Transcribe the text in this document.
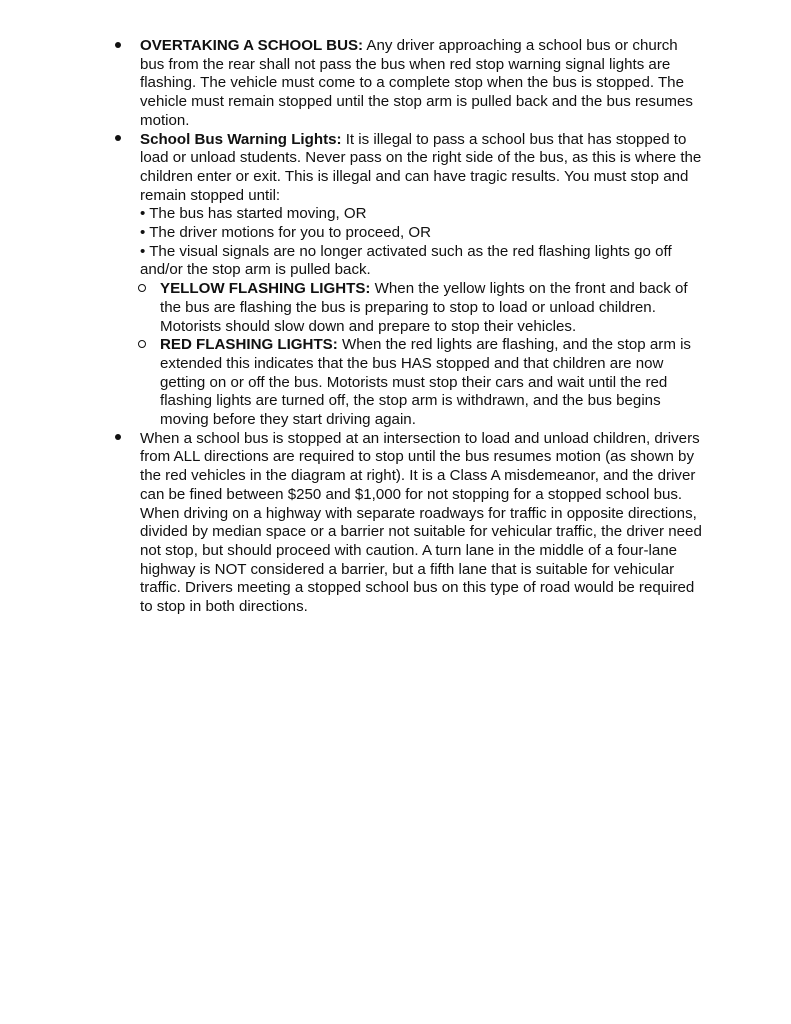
OVERTAKING A SCHOOL BUS: Any driver approaching a school bus or church bus from the rear shall not pass the bus when red stop warning signal lights are flashing. The vehicle must come to a complete stop when the bus is stopped. The vehicle must remain stopped until the stop arm is pulled back and the bus resumes motion.
School Bus Warning Lights: It is illegal to pass a school bus that has stopped to load or unload students. Never pass on the right side of the bus, as this is where the children enter or exit. This is illegal and can have tragic results. You must stop and remain stopped until:
• The bus has started moving, OR
• The driver motions for you to proceed, OR
• The visual signals are no longer activated such as the red flashing lights go off and/or the stop arm is pulled back.
YELLOW FLASHING LIGHTS: When the yellow lights on the front and back of the bus are flashing the bus is preparing to stop to load or unload children. Motorists should slow down and prepare to stop their vehicles.
RED FLASHING LIGHTS: When the red lights are flashing, and the stop arm is extended this indicates that the bus HAS stopped and that children are now getting on or off the bus. Motorists must stop their cars and wait until the red flashing lights are turned off, the stop arm is withdrawn, and the bus begins moving before they start driving again.
When a school bus is stopped at an intersection to load and unload children, drivers from ALL directions are required to stop until the bus resumes motion (as shown by the red vehicles in the diagram at right). It is a Class A misdemeanor, and the driver can be fined between $250 and $1,000 for not stopping for a stopped school bus. When driving on a highway with separate roadways for traffic in opposite directions, divided by median space or a barrier not suitable for vehicular traffic, the driver need not stop, but should proceed with caution. A turn lane in the middle of a four-lane highway is NOT considered a barrier, but a fifth lane that is suitable for vehicular traffic. Drivers meeting a stopped school bus on this type of road would be required to stop in both directions.
